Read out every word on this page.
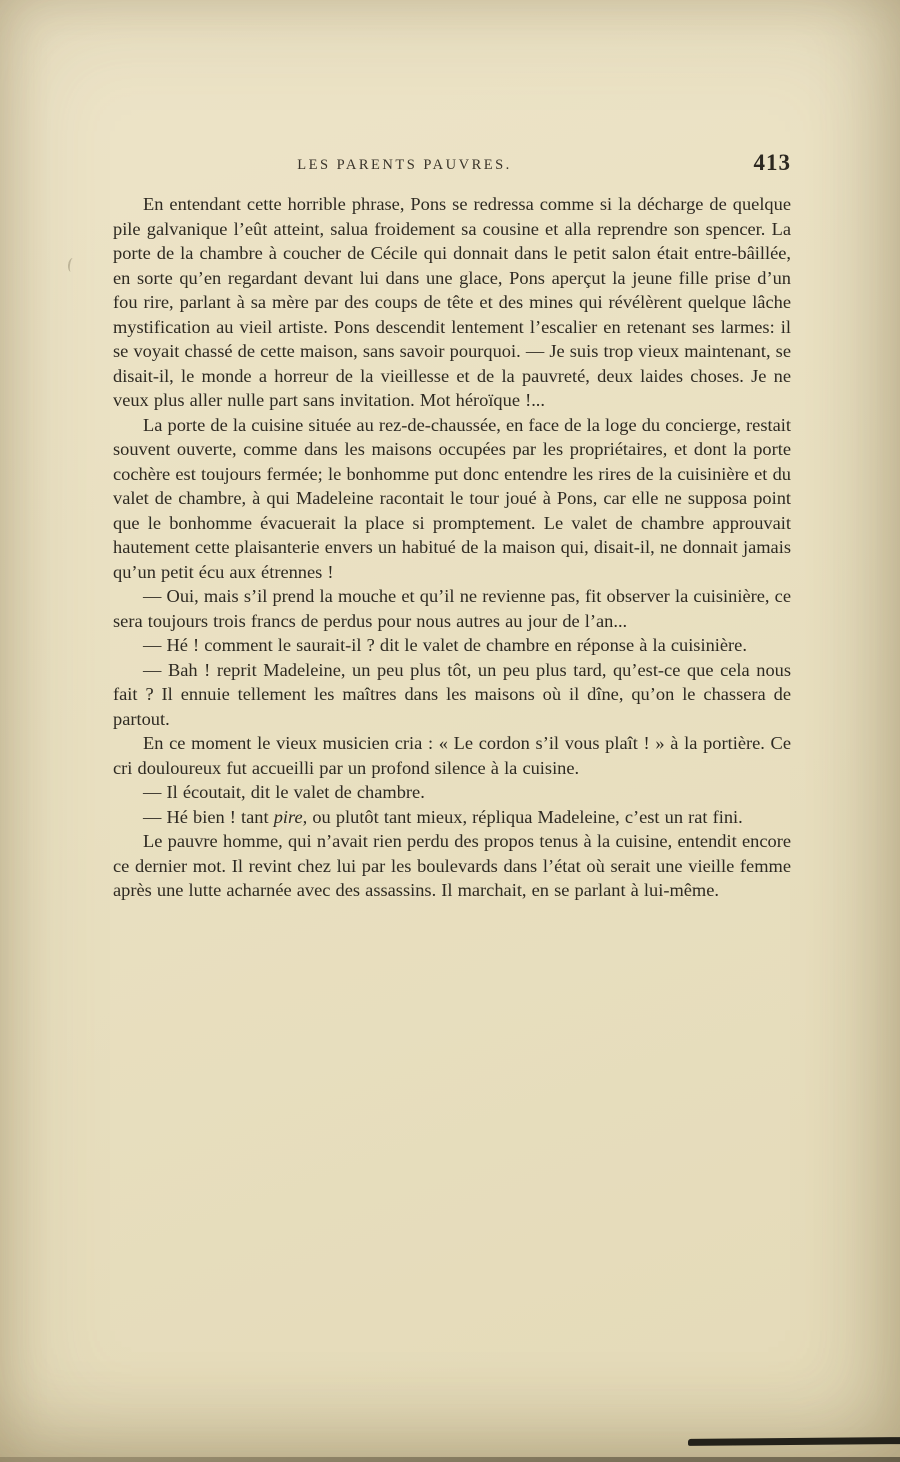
LES PARENTS PAUVRES.	413

En entendant cette horrible phrase, Pons se redressa comme si la décharge de quelque pile galvanique l’eût atteint, salua froidement sa cousine et alla reprendre son spencer. La porte de la chambre à coucher de Cécile qui donnait dans le petit salon était entre-bâillée, en sorte qu’en regardant devant lui dans une glace, Pons aperçut la jeune fille prise d’un fou rire, parlant à sa mère par des coups de tête et des mines qui révélèrent quelque lâche mystification au vieil artiste. Pons descendit lentement l’escalier en retenant ses larmes: il se voyait chassé de cette maison, sans savoir pourquoi. — Je suis trop vieux maintenant, se disait-il, le monde a horreur de la vieillesse et de la pauvreté, deux laides choses. Je ne veux plus aller nulle part sans invitation. Mot héroïque !...

La porte de la cuisine située au rez-de-chaussée, en face de la loge du concierge, restait souvent ouverte, comme dans les maisons occupées par les propriétaires, et dont la porte cochère est toujours fermée; le bonhomme put donc entendre les rires de la cuisinière et du valet de chambre, à qui Madeleine racontait le tour joué à Pons, car elle ne supposa point que le bonhomme évacuerait la place si promptement. Le valet de chambre approuvait hautement cette plaisanterie envers un habitué de la maison qui, disait-il, ne donnait jamais qu’un petit écu aux étrennes !

— Oui, mais s’il prend la mouche et qu’il ne revienne pas, fit observer la cuisinière, ce sera toujours trois francs de perdus pour nous autres au jour de l’an...

— Hé ! comment le saurait-il ? dit le valet de chambre en réponse à la cuisinière.

— Bah ! reprit Madeleine, un peu plus tôt, un peu plus tard, qu’est-ce que cela nous fait ? Il ennuie tellement les maîtres dans les maisons où il dîne, qu’on le chassera de partout.

En ce moment le vieux musicien cria : « Le cordon s’il vous plaît ! » à la portière. Ce cri douloureux fut accueilli par un profond silence à la cuisine.

— Il écoutait, dit le valet de chambre.

— Hé bien ! tant pire, ou plutôt tant mieux, répliqua Madeleine, c’est un rat fini.

Le pauvre homme, qui n’avait rien perdu des propos tenus à la cuisine, entendit encore ce dernier mot. Il revint chez lui par les boulevards dans l’état où serait une vieille femme après une lutte acharnée avec des assassins. Il marchait, en se parlant à lui-même.
